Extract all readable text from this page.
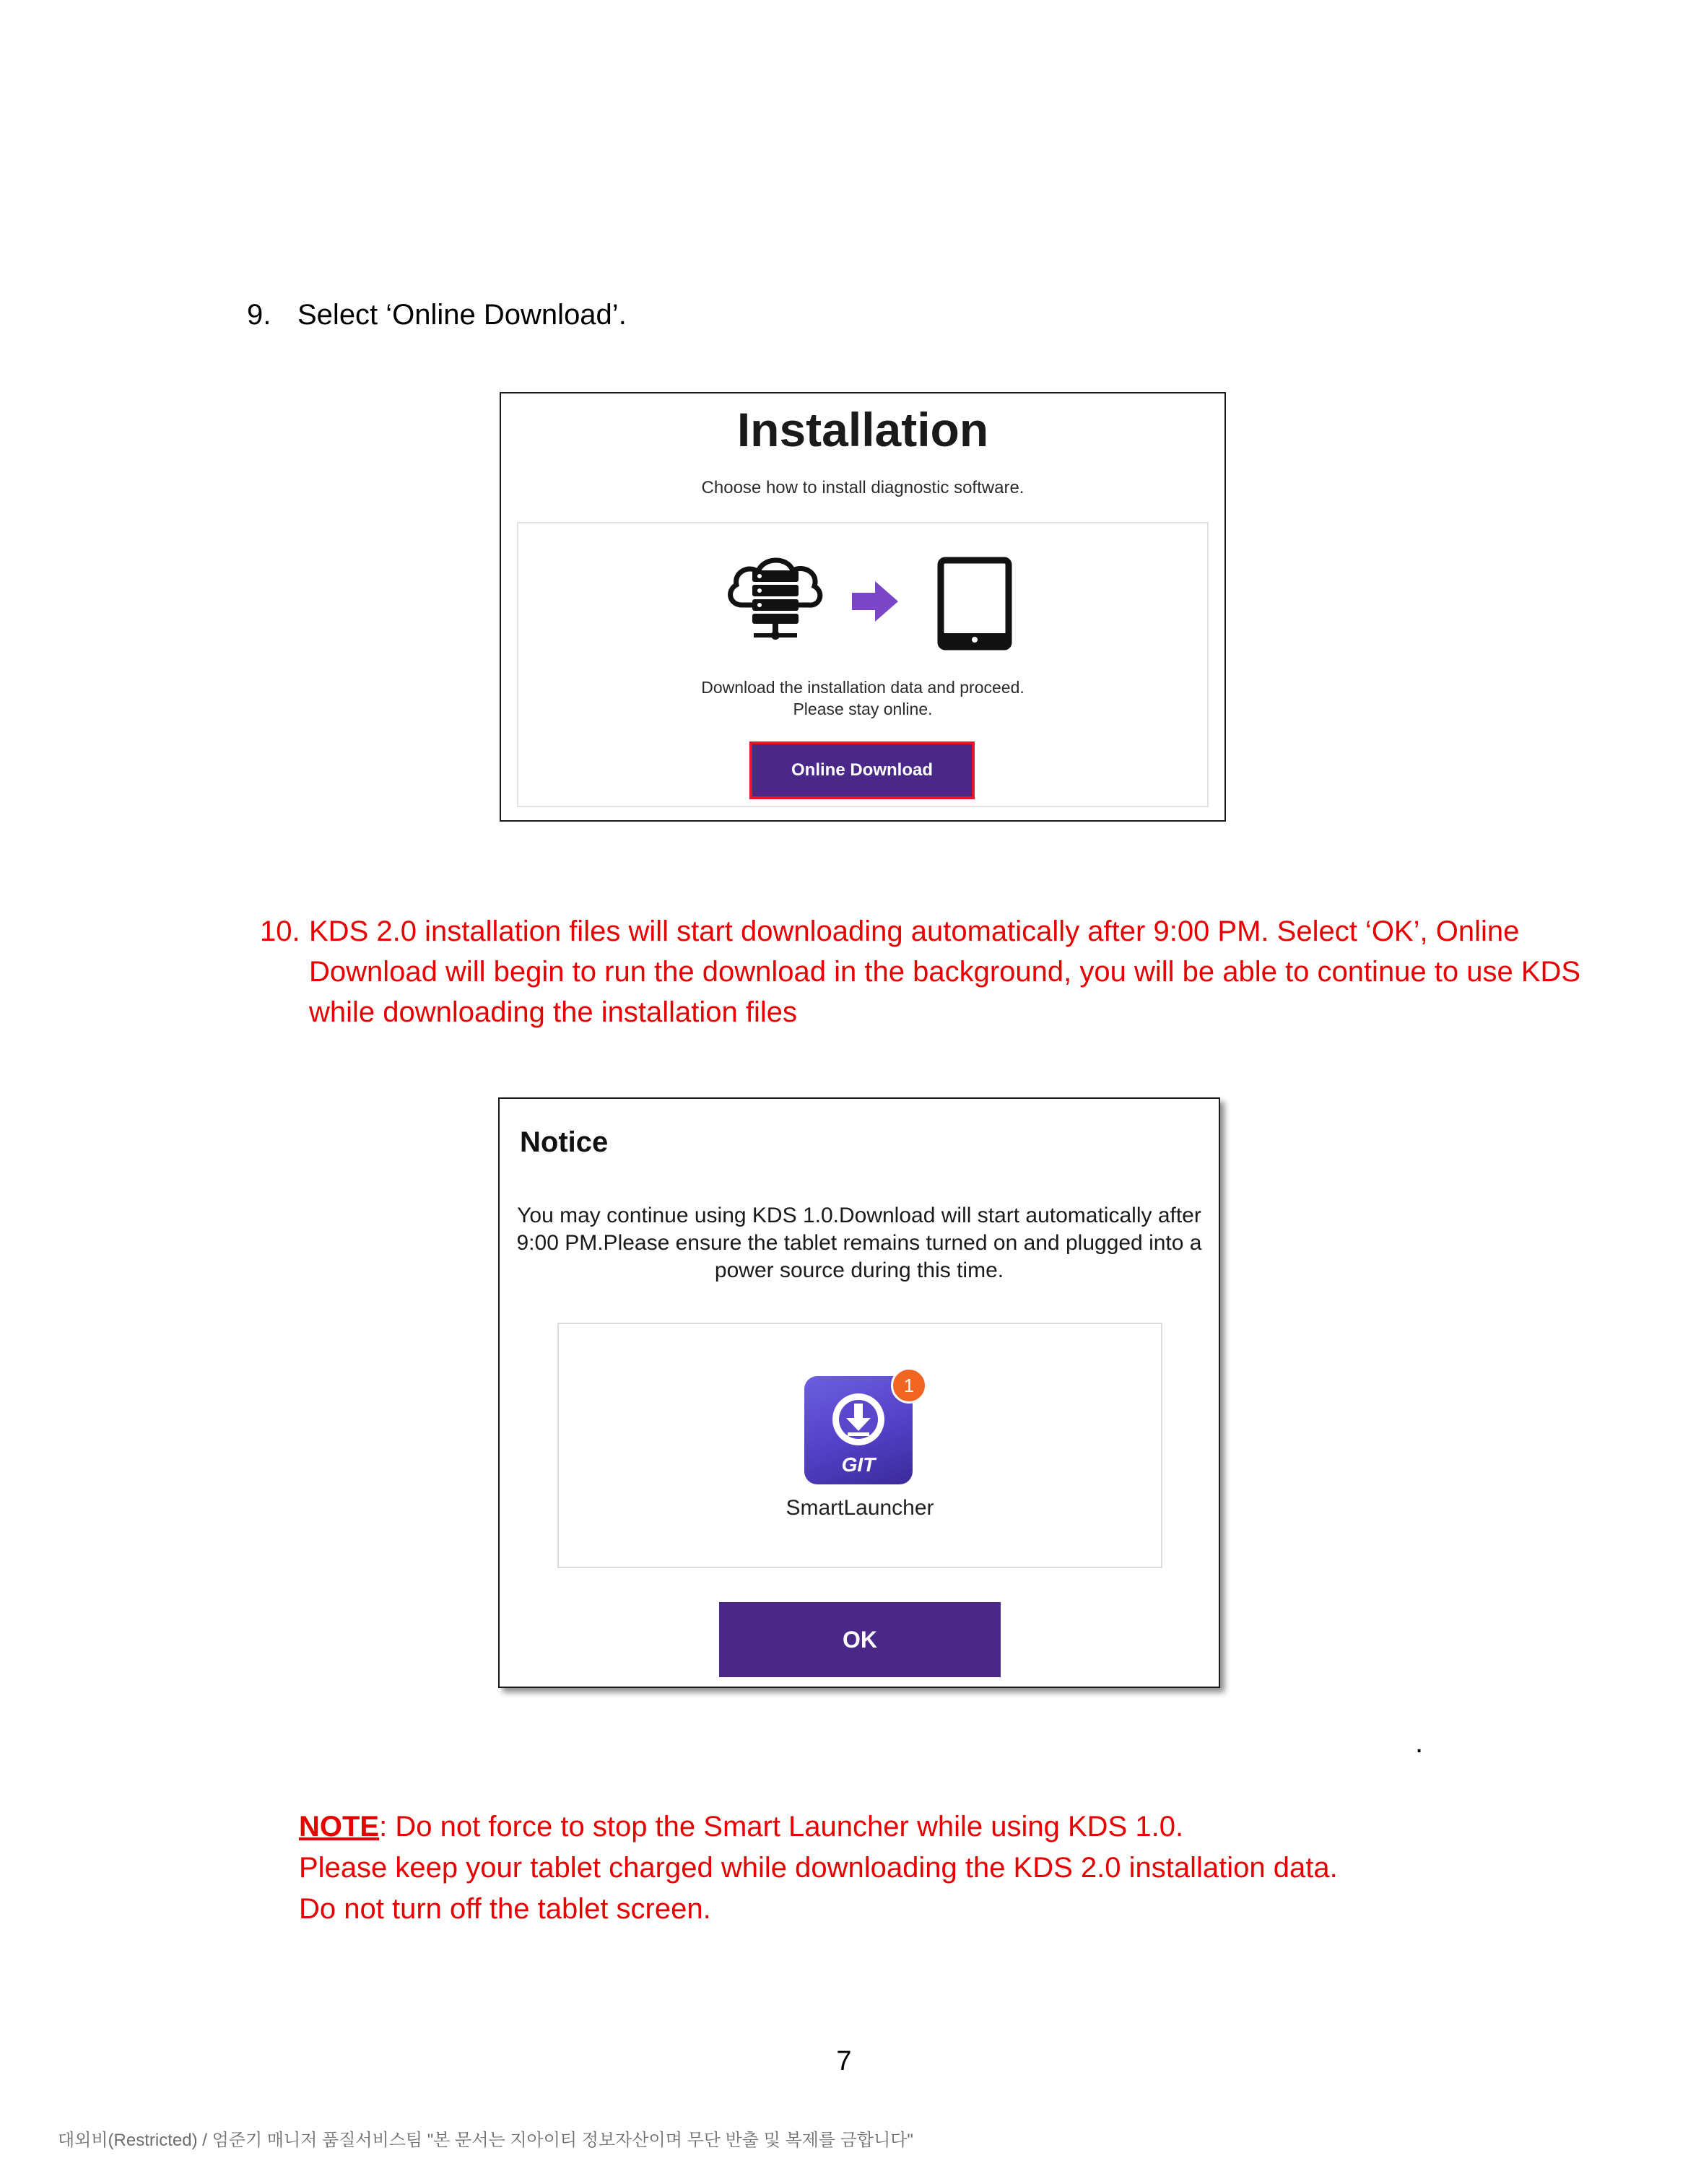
9. Select ‘Online Download’.
Installation
Choose how to install diagnostic software.
Download the installation data and proceed.
Please stay online.
Online Download
10. KDS 2.0 installation files will start downloading automatically after 9:00 PM. Select ‘OK’, Online Download will begin to run the download in the background, you will be able to continue to use KDS while downloading the installation files
Notice
You may continue using KDS 1.0.Download will start automatically after 9:00 PM.Please ensure the tablet remains turned on and plugged into a power source during this time.
GIT
1
SmartLauncher
OK
.
NOTE: Do not force to stop the Smart Launcher while using KDS 1.0.
Please keep your tablet charged while downloading the KDS 2.0 installation data.
Do not turn off the tablet screen.
7
대외비(Restricted) / 엄준기 매니저 품질서비스팀 "본 문서는 지아이티 정보자산이며 무단 반출 및 복제를 금합니다"
